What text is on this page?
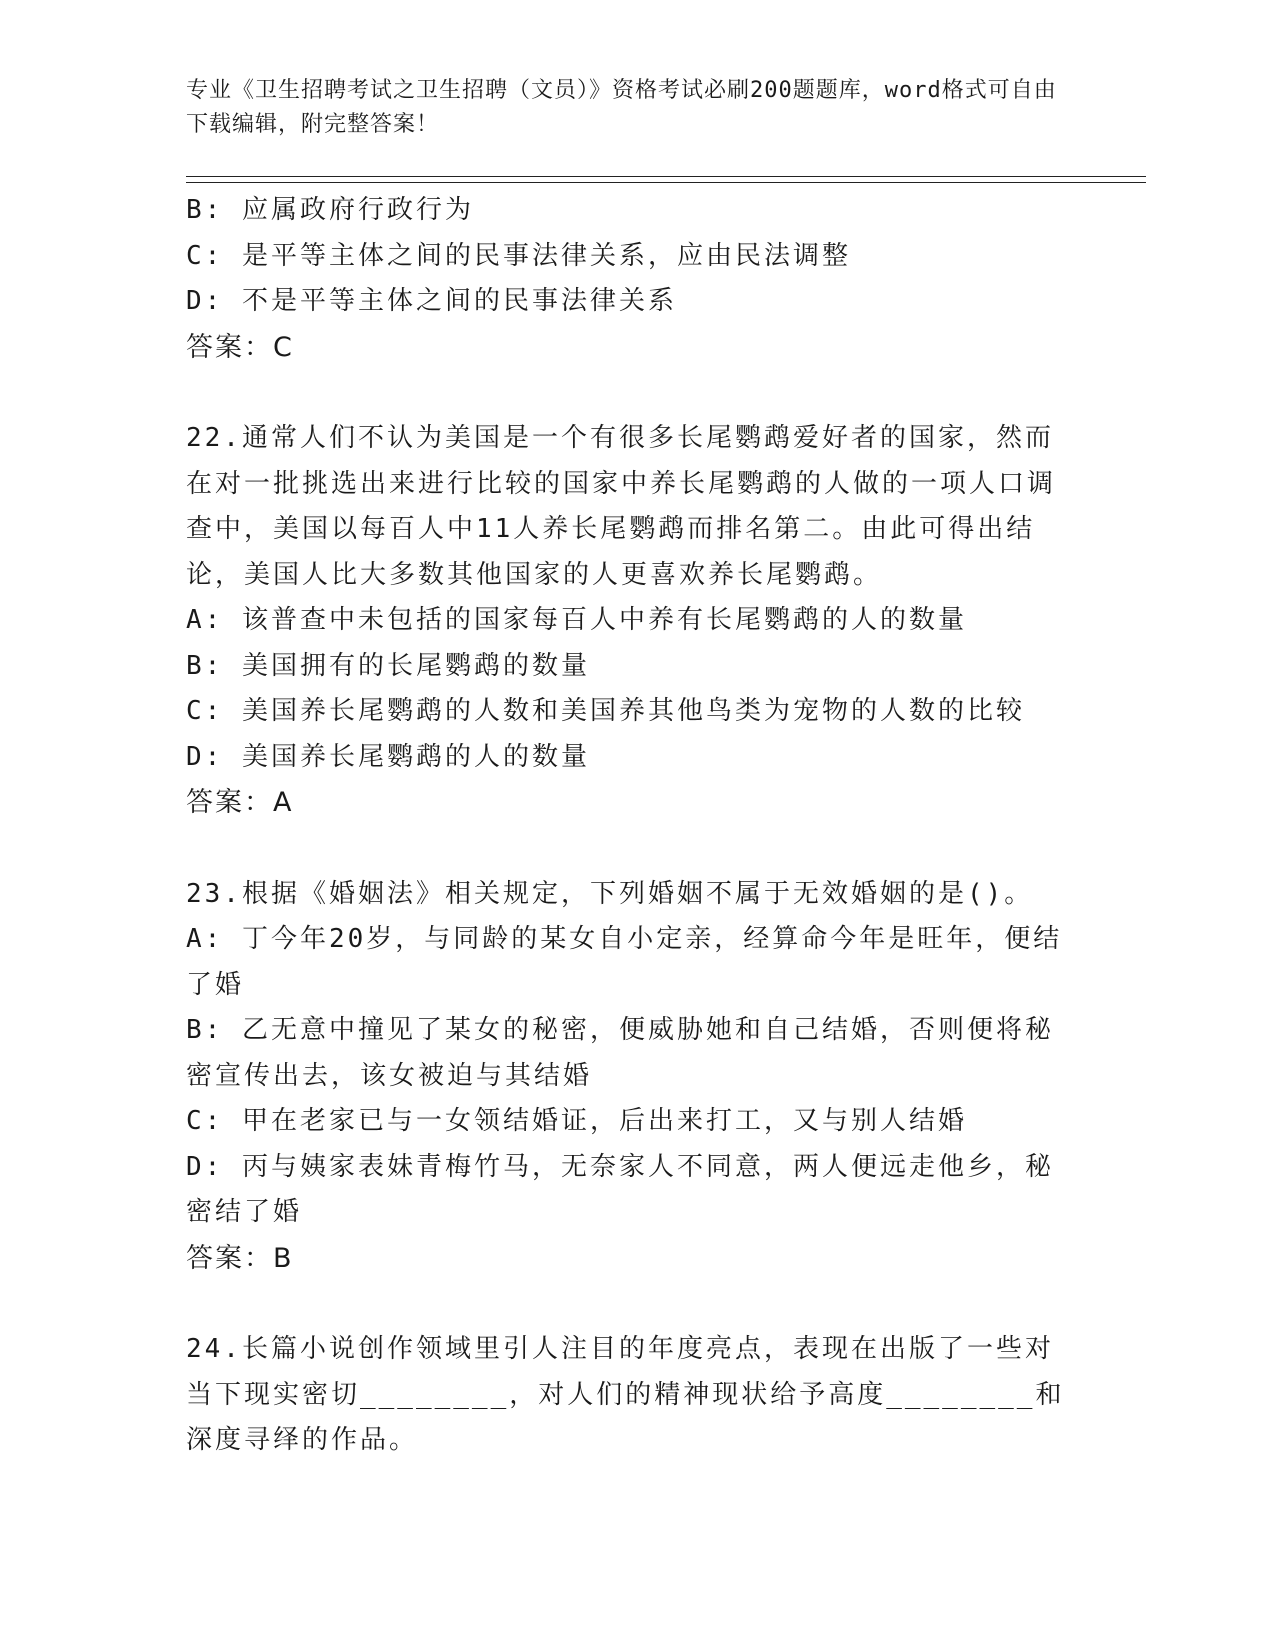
专业《卫生招聘考试之卫生招聘（文员）》资格考试必刷200题题库，word格式可自由下载编辑，附完整答案！

B: 应属政府行政行为

C: 是平等主体之间的民事法律关系，应由民法调整

D: 不是平等主体之间的民事法律关系

答案：C

22.通常人们不认为美国是一个有很多长尾鹦鹉爱好者的国家，然而在对一批挑选出来进行比较的国家中养长尾鹦鹉的人做的一项人口调查中，美国以每百人中11人养长尾鹦鹉而排名第二。由此可得出结论，美国人比大多数其他国家的人更喜欢养长尾鹦鹉。

A: 该普查中未包括的国家每百人中养有长尾鹦鹉的人的数量

B: 美国拥有的长尾鹦鹉的数量

C: 美国养长尾鹦鹉的人数和美国养其他鸟类为宠物的人数的比较

D: 美国养长尾鹦鹉的人的数量

答案：A

23.根据《婚姻法》相关规定，下列婚姻不属于无效婚姻的是()。

A: 丁今年20岁，与同龄的某女自小定亲，经算命今年是旺年，便结了婚

B: 乙无意中撞见了某女的秘密，便威胁她和自己结婚，否则便将秘密宣传出去，该女被迫与其结婚

C: 甲在老家已与一女领结婚证，后出来打工，又与别人结婚

D: 丙与姨家表妹青梅竹马，无奈家人不同意，两人便远走他乡，秘密结了婚

答案：B

24.长篇小说创作领域里引人注目的年度亮点，表现在出版了一些对当下现实密切________，对人们的精神现状给予高度________和深度寻绎的作品。
